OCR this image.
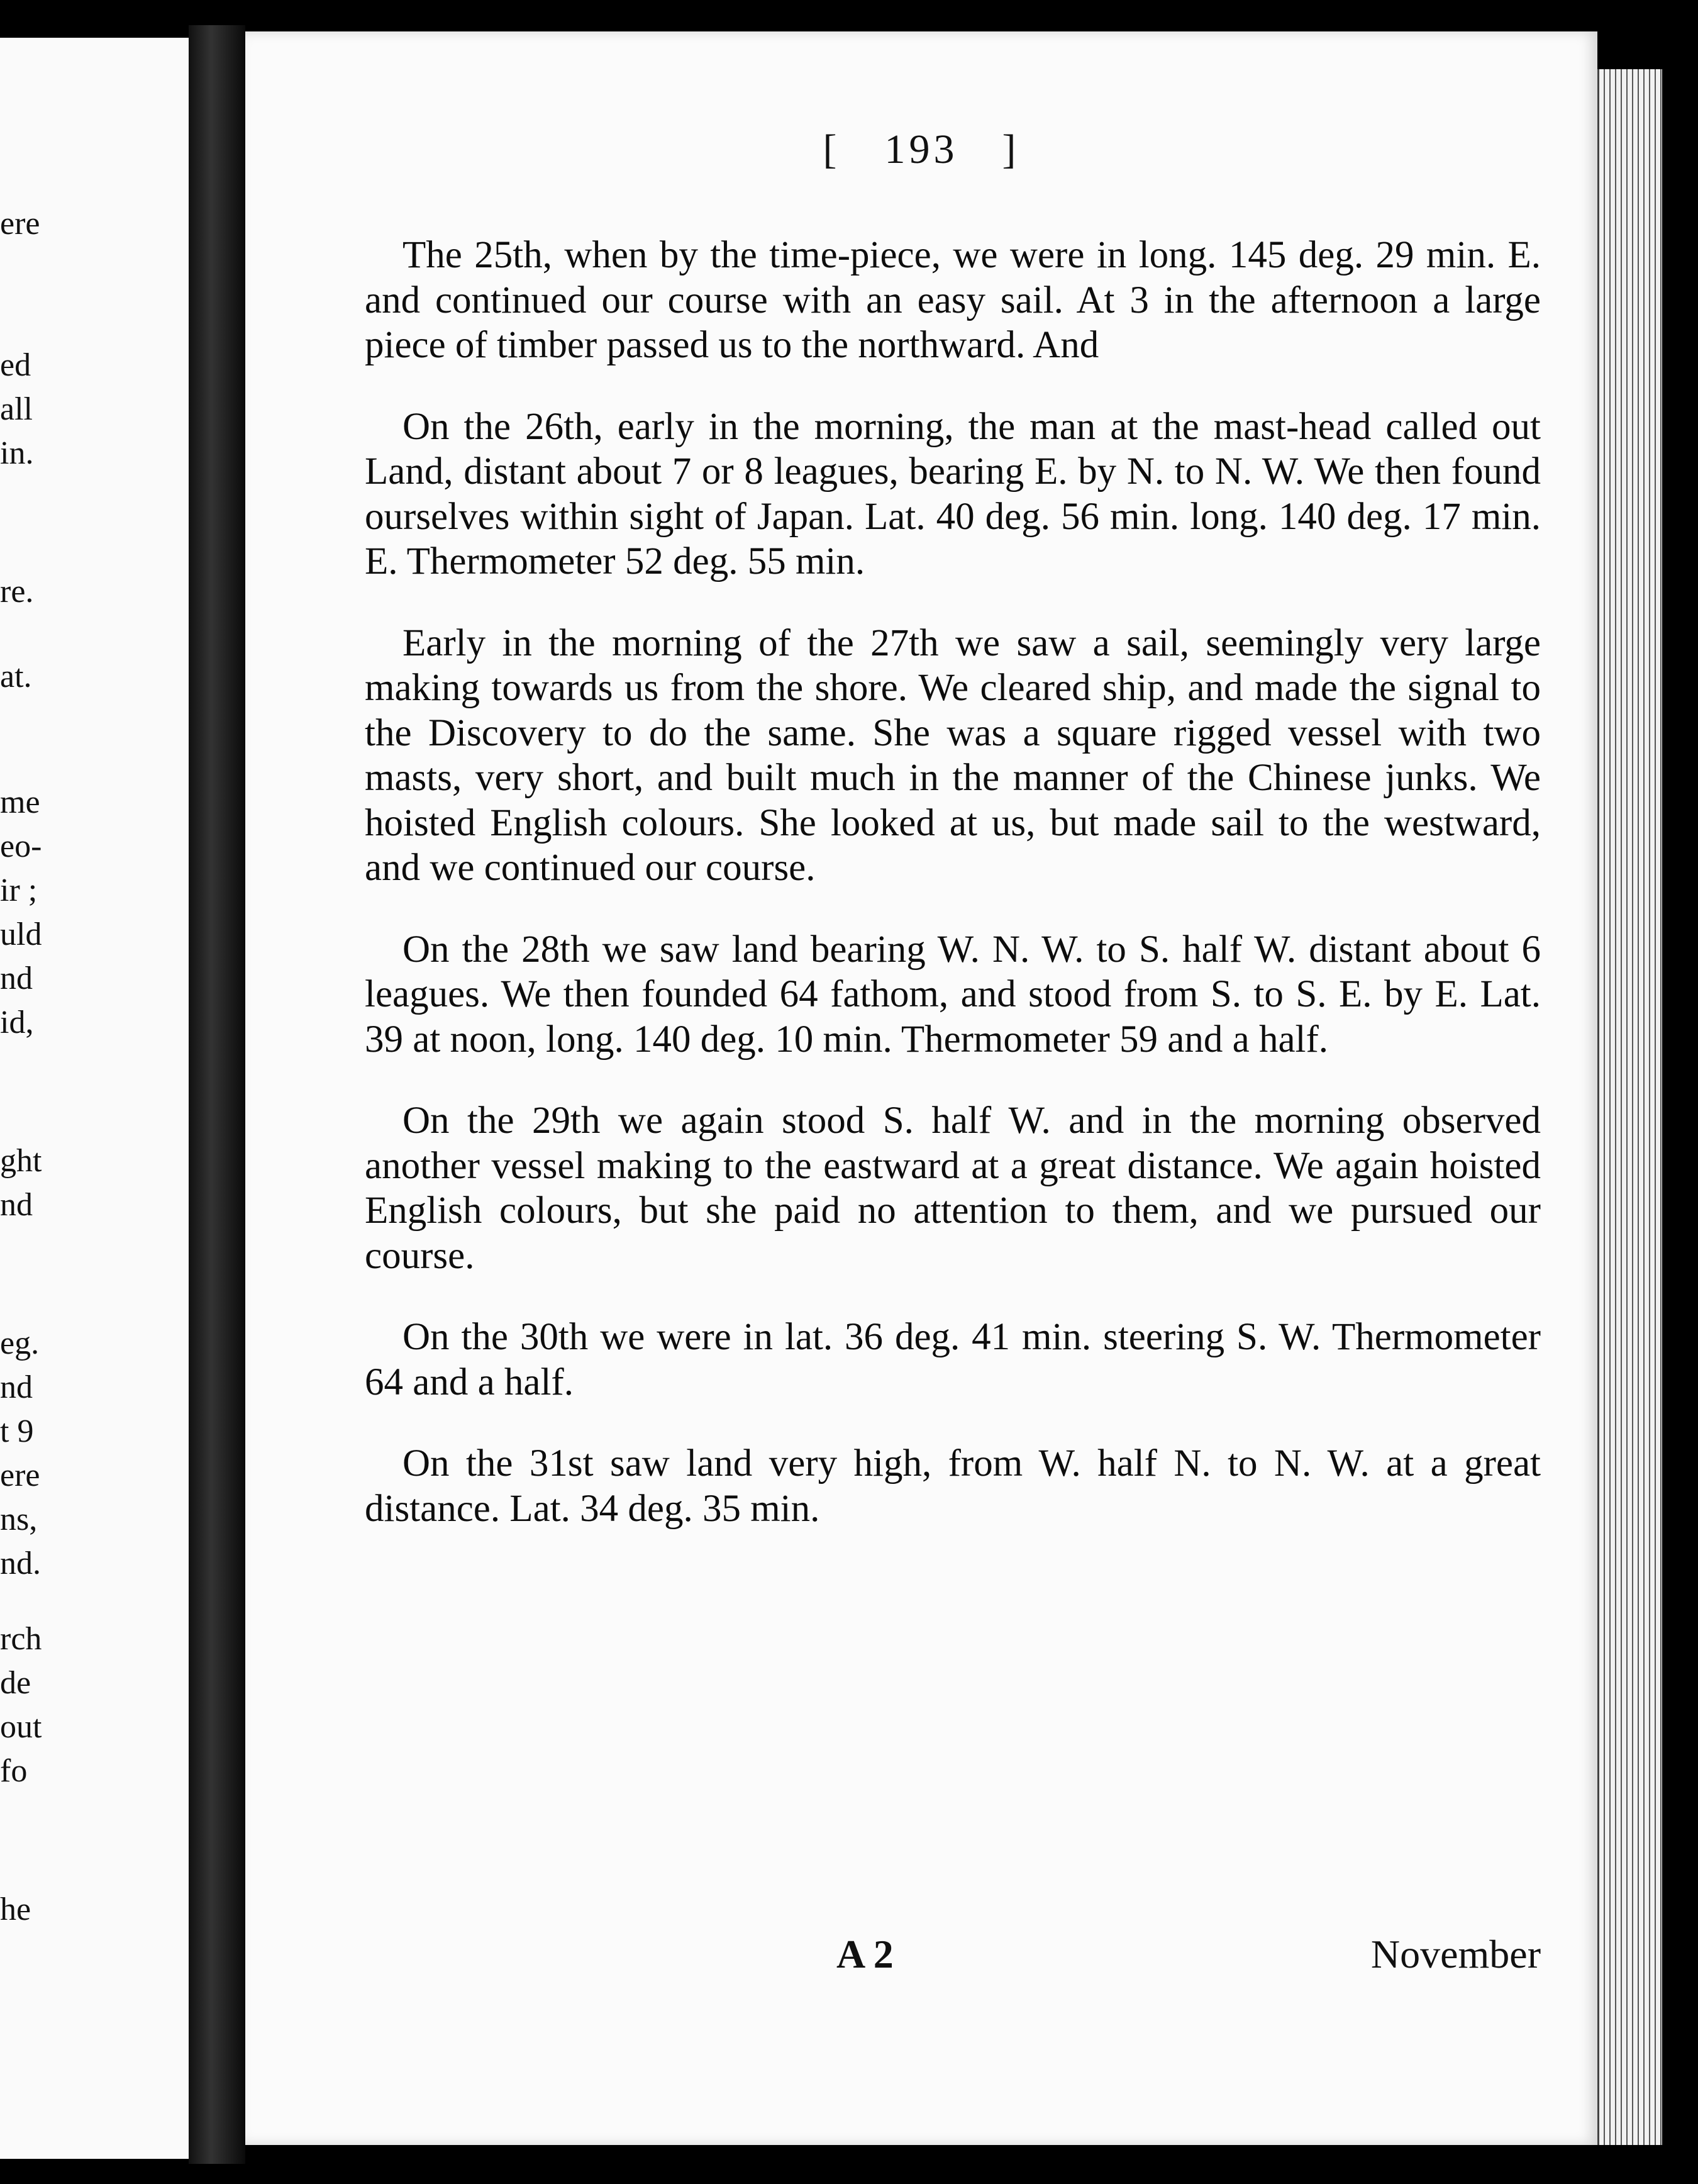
ere
ed
all
in.
re.
at.
me
eo-
ir ;
uld
nd
id,
ght
nd
eg.
nd
t 9
ere
ns,
nd.
rch
de
out
fo
he
[ 193 ]

The 25th, when by the time-piece, we were in long. 145 deg. 29 min. E. and continued our course with an easy sail. At 3 in the afternoon a large piece of timber passed us to the northward. And

On the 26th, early in the morning, the man at the mast-head called out Land, distant about 7 or 8 leagues, bearing E. by N. to N. W. We then found ourselves within sight of Japan. Lat. 40 deg. 56 min. long. 140 deg. 17 min. E. Thermometer 52 deg. 55 min.

Early in the morning of the 27th we saw a sail, seemingly very large making towards us from the shore. We cleared ship, and made the signal to the Discovery to do the same. She was a square rigged vessel with two masts, very short, and built much in the manner of the Chinese junks. We hoisted English colours. She looked at us, but made sail to the westward, and we continued our course.

On the 28th we saw land bearing W. N. W. to S. half W. distant about 6 leagues. We then founded 64 fathom, and stood from S. to S. E. by E. Lat. 39 at noon, long. 140 deg. 10 min. Thermometer 59 and a half.

On the 29th we again stood S. half W. and in the morning observed another vessel making to the eastward at a great distance. We again hoisted English colours, but she paid no attention to them, and we pursued our course.

On the 30th we were in lat. 36 deg. 41 min. steering S. W. Thermometer 64 and a half.

On the 31st saw land very high, from W. half N. to N. W. at a great distance. Lat. 34 deg. 35 min.

A 2	November
